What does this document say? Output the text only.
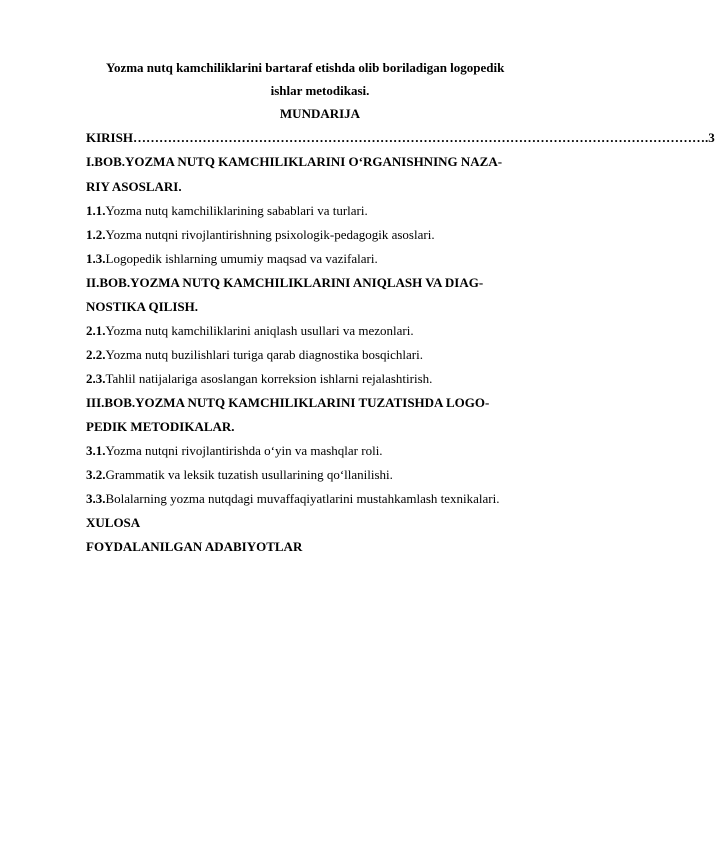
Yozma nutq kamchiliklarini bartaraf etishda olib boriladigan logopedik
ishlar metodikasi.
MUNDARIJA
KIRISH …………………………………………………………………………………………………………………… .3
I.BOB.YOZMA NUTQ KAMCHILIKLARINI O‘RGANISHNING NAZA-
RIY ASOSLARI.
1.1.Yozma nutq kamchiliklarining sabablari va turlari.
1.2.Yozma nutqni rivojlantirishning psixologik-pedagogik asoslari.
1.3.Logopedik ishlarning umumiy maqsad va vazifalari.
II.BOB.YOZMA NUTQ KAMCHILIKLARINI ANIQLASH VA DIAG-
NOSTIKA QILISH.
2.1.Yozma nutq kamchiliklarini aniqlash usullari va mezonlari.
2.2.Yozma nutq buzilishlari turiga qarab diagnostika bosqichlari.
2.3.Tahlil natijalariga asoslangan korreksion ishlarni rejalashtirish.
III.BOB.YOZMA NUTQ KAMCHILIKLARINI TUZATISHDA LOGO-
PEDIK METODIKALAR.
3.1.Yozma nutqni rivojlantirishda o‘yin va mashqlar roli.
3.2.Grammatik va leksik tuzatish usullarining qo‘llanilishi.
3.3.Bolalarning yozma nutqdagi muvaffaqiyatlarini mustahkamlash texnikalari.
XULOSA
FOYDALANILGAN ADABIYOTLAR
